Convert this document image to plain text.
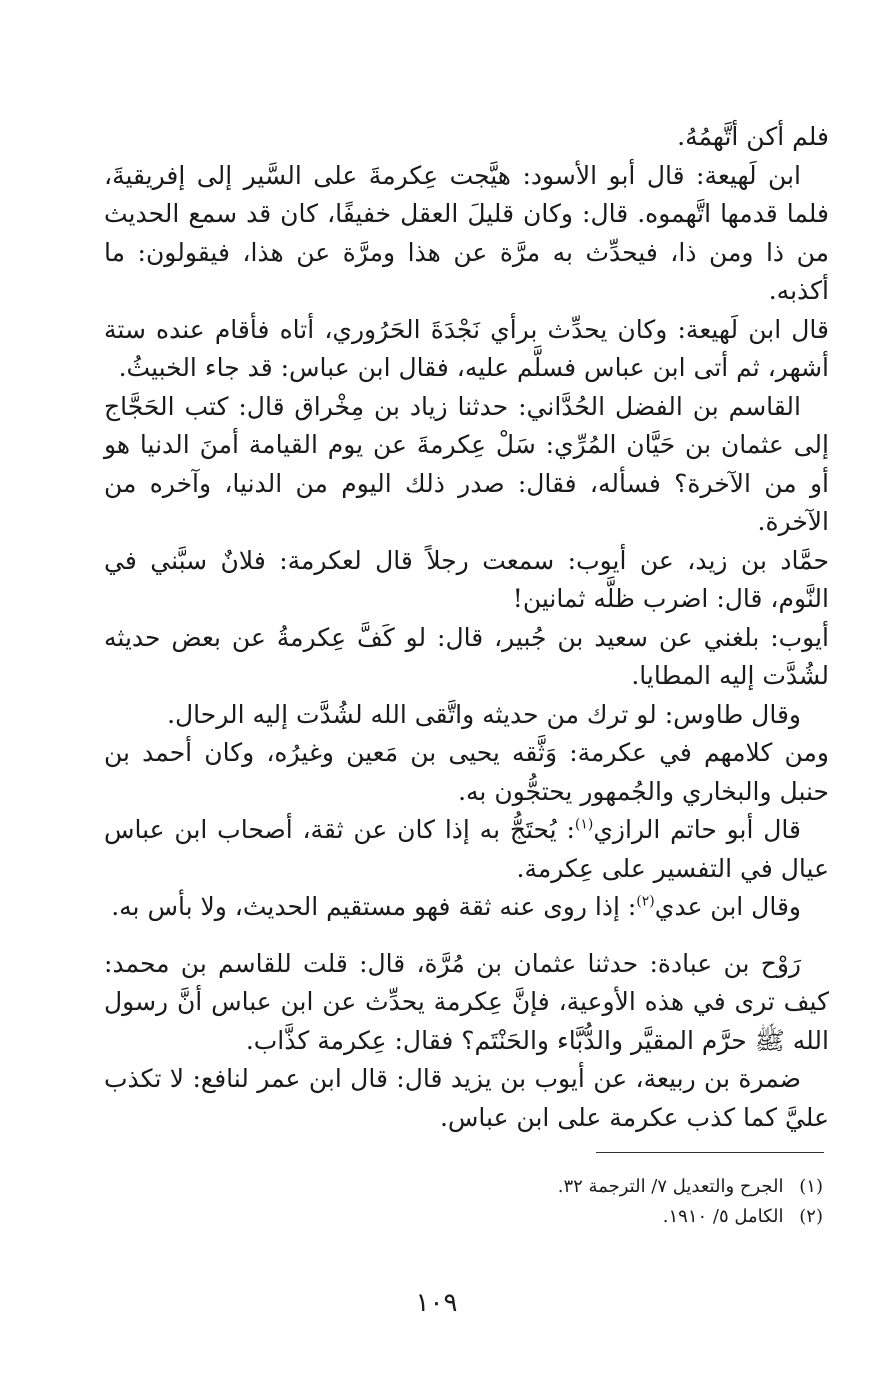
فلم أكن أتَّهمُهُ.

ابن لَهيعة: قال أبو الأسود: هيَّجت عِكرمةَ على السَّير إلى إفريقيةَ، فلما قدمها اتَّهموه. قال: وكان قليلَ العقل خفيفًا، كان قد سمع الحديث من ذا ومن ذا، فيحدِّث به مرَّة عن هذا ومرَّة عن هذا، فيقولون: ما أكذبه.

قال ابن لَهيعة: وكان يحدِّث برأي نَجْدَةَ الحَرُوري، أتاه فأقام عنده ستة أشهر، ثم أتى ابن عباس فسلَّم عليه، فقال ابن عباس: قد جاء الخبيثُ.

القاسم بن الفضل الحُدَّاني: حدثنا زياد بن مِخْراق قال: كتب الحَجَّاج إلى عثمان بن حَيَّان المُرِّي: سَلْ عِكرمةَ عن يوم القيامة أمنَ الدنيا هو أو من الآخرة؟ فسأله، فقال: صدر ذلك اليوم من الدنيا، وآخره من الآخرة.

حمَّاد بن زيد، عن أيوب: سمعت رجلاً قال لعكرمة: فلانٌ سبَّني في النَّوم، قال: اضرب ظلَّه ثمانين!

أيوب: بلغني عن سعيد بن جُبير، قال: لو كَفَّ عِكرمةُ عن بعض حديثه لشُدَّت إليه المطايا.

وقال طاوس: لو ترك من حديثه واتَّقى الله لشُدَّت إليه الرحال.

ومن كلامهم في عكرمة: وَثَّقه يحيى بن مَعين وغيرُه، وكان أحمد بن حنبل والبخاري والجُمهور يحتجُّون به.

قال أبو حاتم الرازي$^{(١)}$: يُحتَجُّ به إذا كان عن ثقة، أصحاب ابن عباس عيال في التفسير على عِكرمة.

وقال ابن عدي$^{(٢)}$: إذا روى عنه ثقة فهو مستقيم الحديث، ولا بأس به.

رَوْح بن عبادة: حدثنا عثمان بن مُرَّة، قال: قلت للقاسم بن محمد: كيف ترى في هذه الأوعية، فإنَّ عِكرمة يحدِّث عن ابن عباس أنَّ رسول الله ﷺ حرَّم المقيَّر والدُّبَّاء والحَنْتَم؟ فقال: عِكرمة كذَّاب.

ضمرة بن ربيعة، عن أيوب بن يزيد قال: قال ابن عمر لنافع: لا تكذب عليَّ كما كذب عكرمة على ابن عباس.

(١) الجرح والتعديل ٧/ الترجمة ٣٢.
(٢) الكامل ٥/ ١٩١٠.
١٠٩
